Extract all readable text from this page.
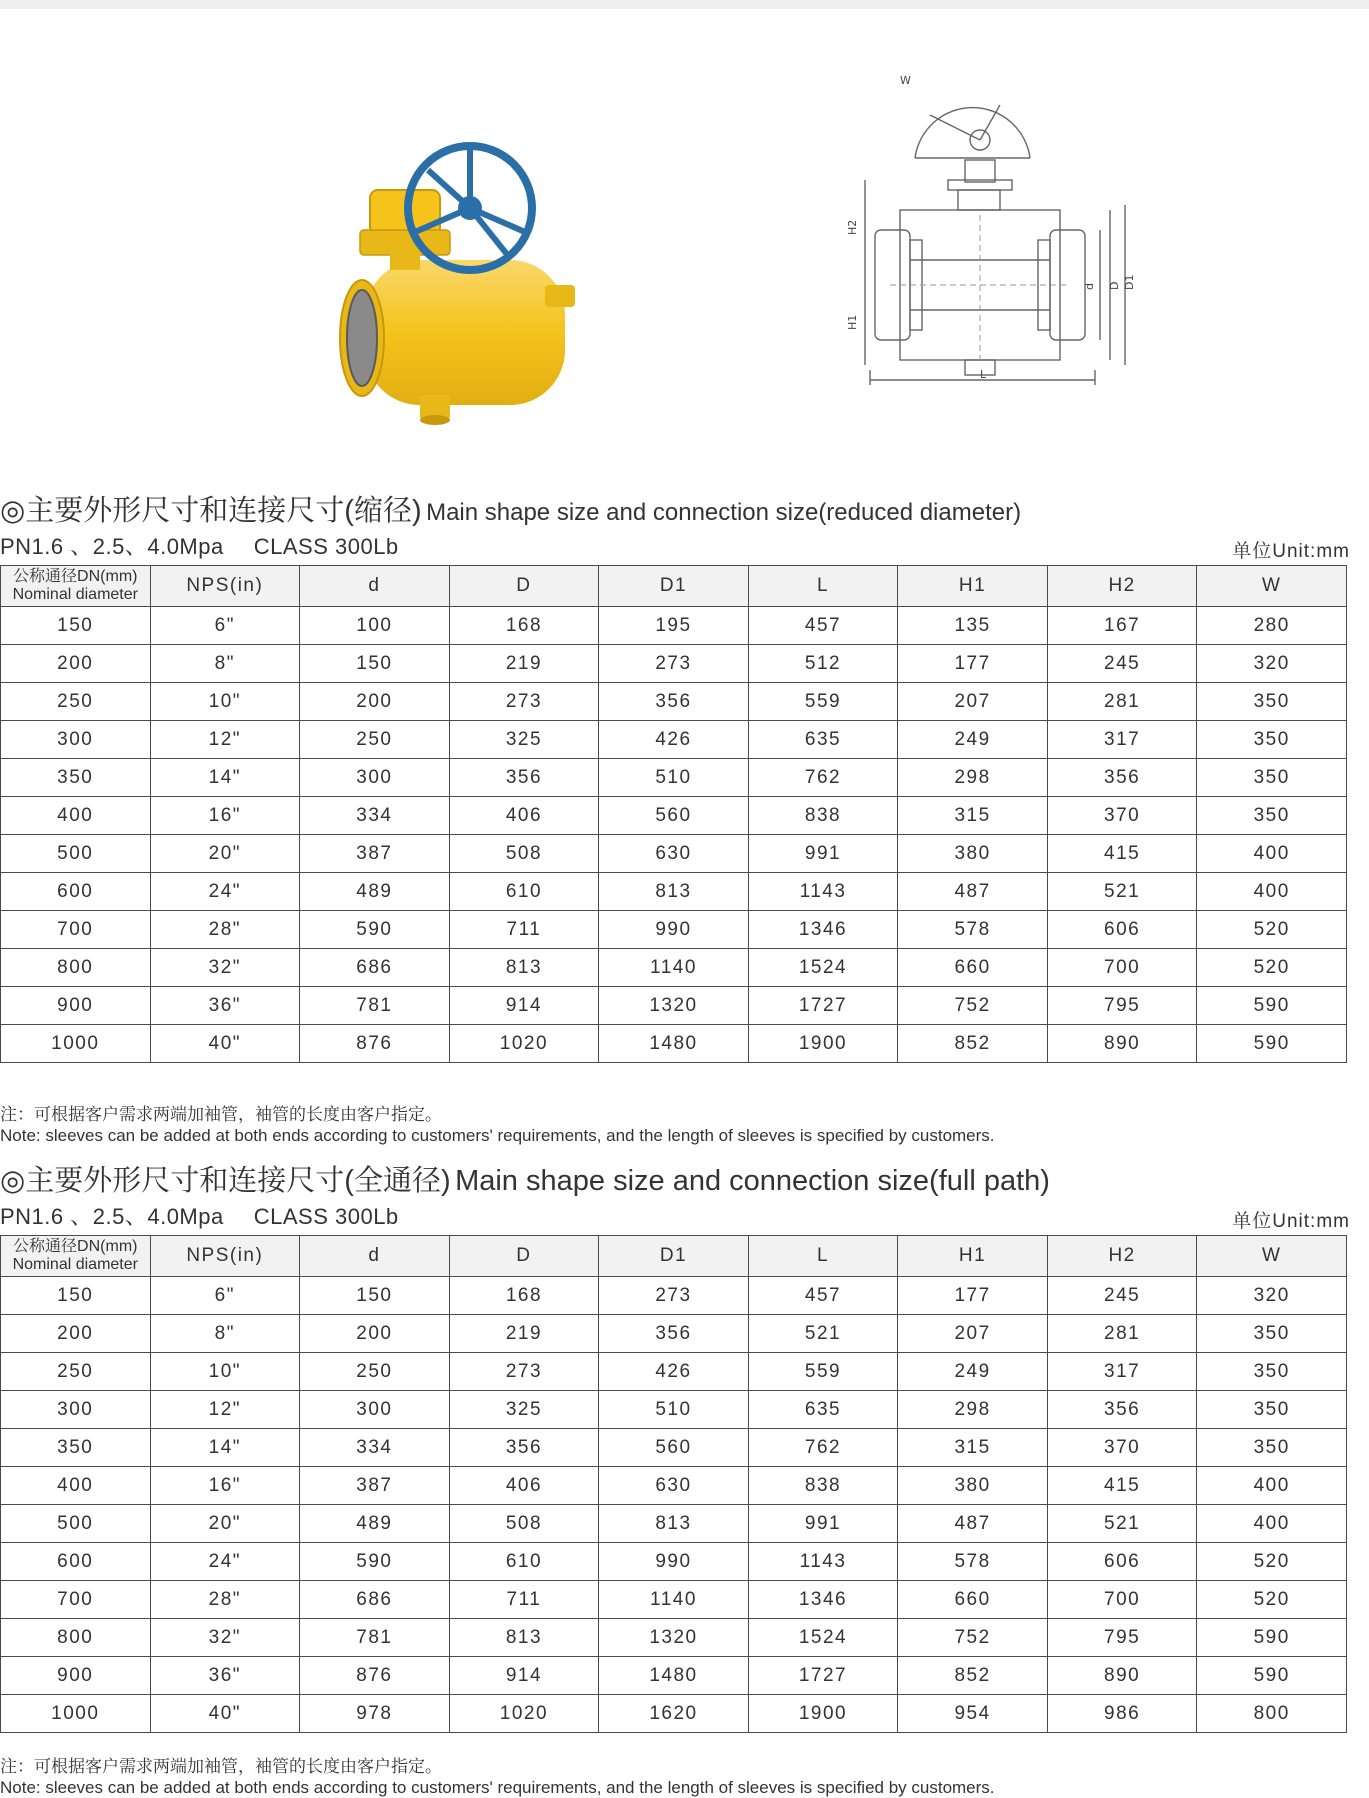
W
H2
H1
d D D1
L
◎主要外形尺寸和连接尺寸(缩径) Main shape size and connection size(reduced diameter)
PN1.6 、2.5、4.0Mpa CLASS 300Lb	单位Unit:mm
公称通径DN(mm)
Nominal diameter	NPS(in)	d	D	D1	L	H1	H2	W
150	6"	100	168	195	457	135	167	280
200	8"	150	219	273	512	177	245	320
250	10"	200	273	356	559	207	281	350
300	12"	250	325	426	635	249	317	350
350	14"	300	356	510	762	298	356	350
400	16"	334	406	560	838	315	370	350
500	20"	387	508	630	991	380	415	400
600	24"	489	610	813	1143	487	521	400
700	28"	590	711	990	1346	578	606	520
800	32"	686	813	1140	1524	660	700	520
900	36"	781	914	1320	1727	752	795	590
1000	40"	876	1020	1480	1900	852	890	590
注：可根据客户需求两端加袖管，袖管的长度由客户指定。
Note: sleeves can be added at both ends according to customers' requirements, and the length of sleeves is specified by customers.
◎主要外形尺寸和连接尺寸(全通径) Main shape size and connection size(full path)
PN1.6 、2.5、4.0Mpa CLASS 300Lb	单位Unit:mm
公称通径DN(mm)
Nominal diameter	NPS(in)	d	D	D1	L	H1	H2	W
150	6"	150	168	273	457	177	245	320
200	8"	200	219	356	521	207	281	350
250	10"	250	273	426	559	249	317	350
300	12"	300	325	510	635	298	356	350
350	14"	334	356	560	762	315	370	350
400	16"	387	406	630	838	380	415	400
500	20"	489	508	813	991	487	521	400
600	24"	590	610	990	1143	578	606	520
700	28"	686	711	1140	1346	660	700	520
800	32"	781	813	1320	1524	752	795	590
900	36"	876	914	1480	1727	852	890	590
1000	40"	978	1020	1620	1900	954	986	800
注：可根据客户需求两端加袖管，袖管的长度由客户指定。
Note: sleeves can be added at both ends according to customers' requirements, and the length of sleeves is specified by customers.
